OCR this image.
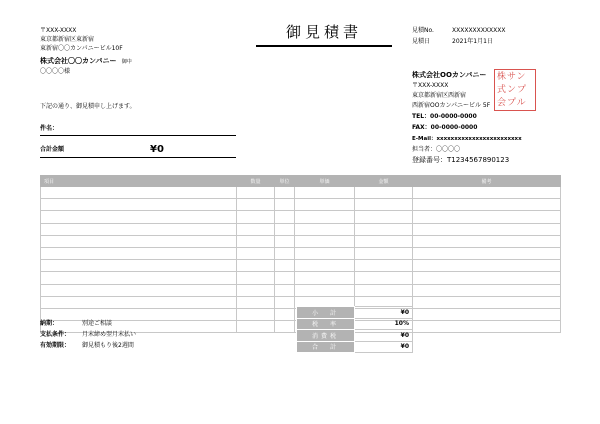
御見積書
〒XXX-XXXX
東京都新宿区東新宿
東新宿〇〇カンパニービル10F
株式会社〇〇カンパニー 御中
〇〇〇〇様
見積No.	XXXXXXXXXXXXX
見積日	2021年1月1日
下記の通り、御見積申し上げます。
件名：
合計金額	¥0
株式会社OOカンパニー
〒XXX-XXXX
東京都新宿区西新宿
西新宿OOカンパニービル 5F
TEL：00-0000-0000
FAX：00-0000-0000
E-Mail：xxxxxxxxxxxxxxxxxxxxxxxx
担当者：〇〇〇〇
登録番号：T1234567890123
株サン
式ンプ
会プル
項目	数量	単位	単価	金額	備考

小　計	¥0
税　率	10%
消費税	¥0
合　計	¥0
納期：	別途ご相談
支払条件： 月末締め翌月末払い
有効期限： 御見積もり後2週間
